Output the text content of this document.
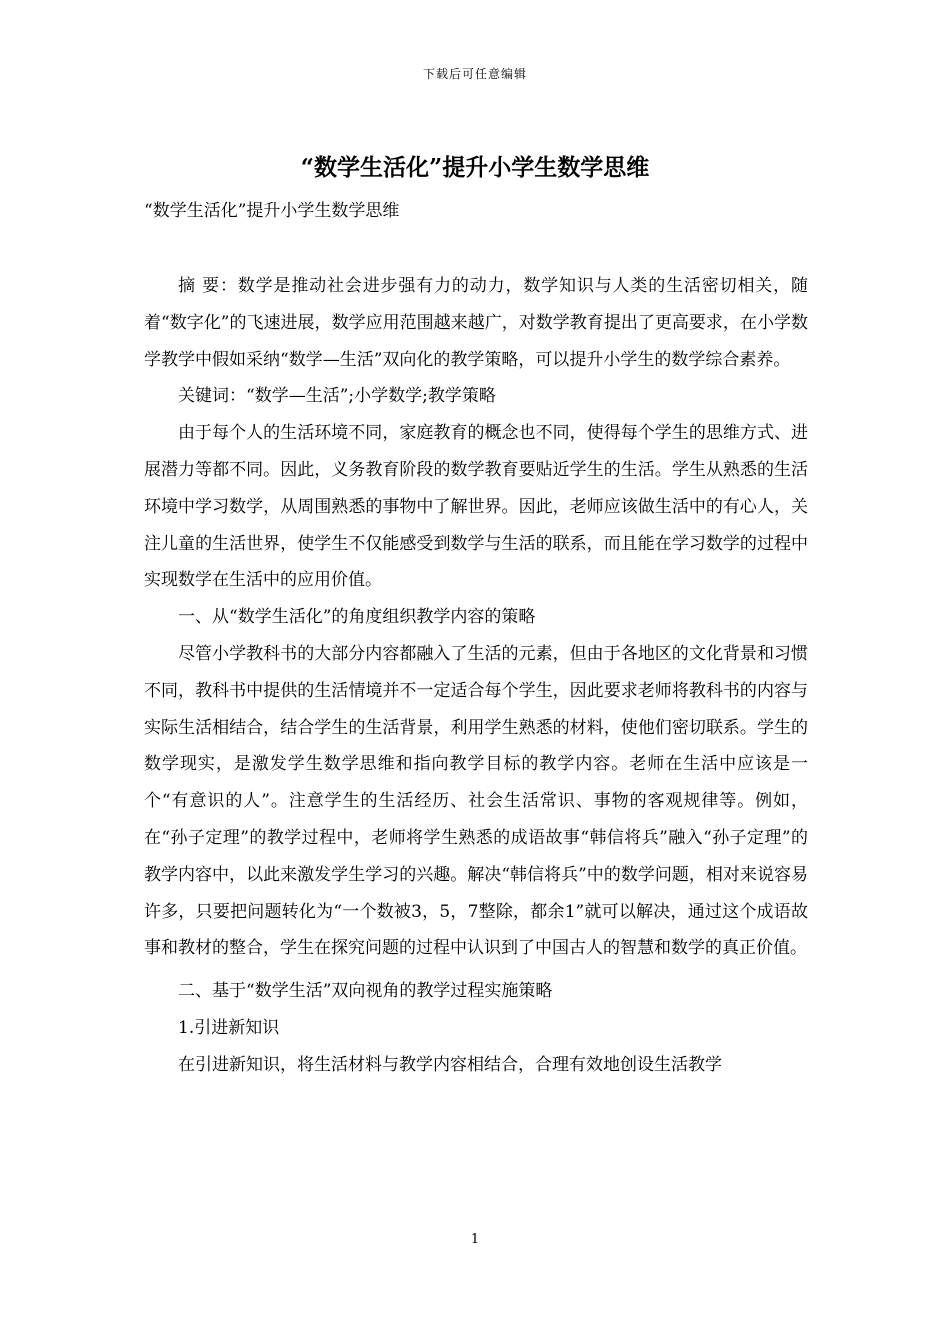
下载后可任意编辑
“数学生活化”提升小学生数学思维
“数学生活化”提升小学生数学思维

摘 要：数学是推动社会进步强有力的动力，数学知识与人类的生活密切相关，随着“数字化”的飞速进展，数学应用范围越来越广，对数学教育提出了更高要求，在小学数学教学中假如采纳“数学—生活”双向化的教学策略，可以提升小学生的数学综合素养。

关键词：“数学—生活”;小学数学;教学策略

由于每个人的生活环境不同，家庭教育的概念也不同，使得每个学生的思维方式、进展潜力等都不同。因此，义务教育阶段的数学教育要贴近学生的生活。学生从熟悉的生活环境中学习数学，从周围熟悉的事物中了解世界。因此，老师应该做生活中的有心人，关注儿童的生活世界，使学生不仅能感受到数学与生活的联系，而且能在学习数学的过程中实现数学在生活中的应用价值。

一、从“数学生活化”的角度组织教学内容的策略

尽管小学教科书的大部分内容都融入了生活的元素，但由于各地区的文化背景和习惯不同，教科书中提供的生活情境并不一定适合每个学生，因此要求老师将教科书的内容与实际生活相结合，结合学生的生活背景，利用学生熟悉的材料，使他们密切联系。学生的数学现实，是激发学生数学思维和指向教学目标的教学内容。老师在生活中应该是一个“有意识的人”。注意学生的生活经历、社会生活常识、事物的客观规律等。例如，在“孙子定理”的教学过程中，老师将学生熟悉的成语故事“韩信将兵”融入“孙子定理”的教学内容中，以此来激发学生学习的兴趣。解决“韩信将兵”中的数学问题，相对来说容易许多，只要把问题转化为“一个数被3，5，7整除，都余1”就可以解决，通过这个成语故事和教材的整合，学生在探究问题的过程中认识到了中国古人的智慧和数学的真正价值。

二、基于“数学生活”双向视角的教学过程实施策略

1.引进新知识

在引进新知识，将生活材料与教学内容相结合，合理有效地创设生活教学

1
